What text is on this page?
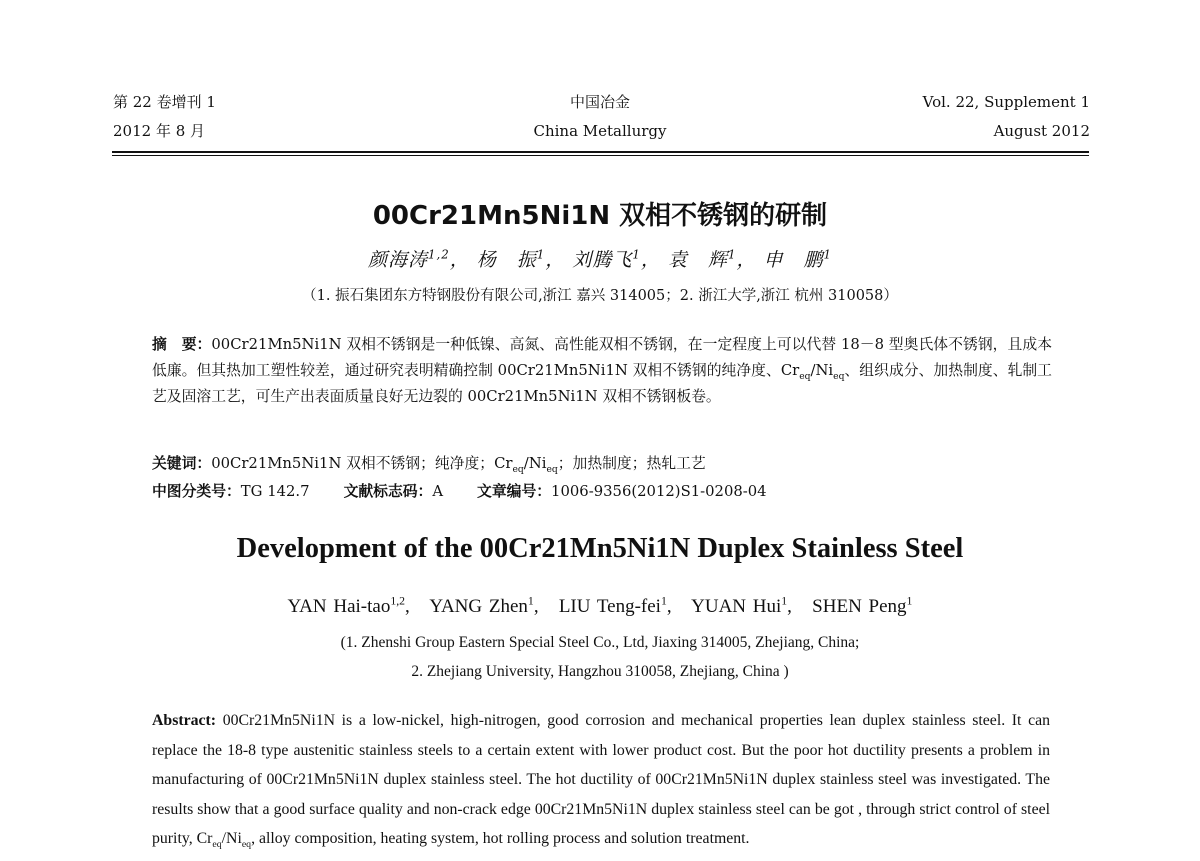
第 22 卷增刊 1
2012 年 8 月
中国冶金
China Metallurgy
Vol. 22, Supplement 1
August 2012
00Cr21Mn5Ni1N 双相不锈钢的研制
颜海涛$^{1,2}$， 杨　振$^1$， 刘腾飞$^1$， 袁　辉$^1$， 申　鹏$^1$
（1. 振石集团东方特钢股份有限公司,浙江 嘉兴 314005；2. 浙江大学,浙江 杭州 310058）
摘　要：00Cr21Mn5Ni1N 双相不锈钢是一种低镍、高氮、高性能双相不锈钢，在一定程度上可以代替 18－8 型奥氏体不锈钢，且成本低廉。但其热加工塑性较差，通过研究表明精确控制 00Cr21Mn5Ni1N 双相不锈钢的纯净度、$Cr_{eq}/Ni_{eq}$、组织成分、加热制度、轧制工艺及固溶工艺，可生产出表面质量良好无边裂的 00Cr21Mn5Ni1N 双相不锈钢板卷。
关键词：00Cr21Mn5Ni1N 双相不锈钢；纯净度；$Cr_{eq}/Ni_{eq}$；加热制度；热轧工艺
中图分类号：TG 142.7 文献标志码：A 文章编号：1006-9356(2012)S1-0208-04
Development of the 00Cr21Mn5Ni1N Duplex Stainless Steel
YAN Hai-tao$^{1,2}$, YANG Zhen$^1$, LIU Teng-fei$^1$, YUAN Hui$^1$, SHEN Peng$^1$
(1. Zhenshi Group Eastern Special Steel Co., Ltd, Jiaxing 314005, Zhejiang, China;
2. Zhejiang University, Hangzhou 310058, Zhejiang, China )
Abstract: 00Cr21Mn5Ni1N is a low-nickel, high-nitrogen, good corrosion and mechanical properties lean duplex stainless steel. It can replace the 18-8 type austenitic stainless steels to a certain extent with lower product cost. But the poor hot ductility presents a problem in manufacturing of 00Cr21Mn5Ni1N duplex stainless steel. The hot ductility of 00Cr21Mn5Ni1N duplex stainless steel was investigated. The results show that a good surface quality and non-crack edge 00Cr21Mn5Ni1N duplex stainless steel can be got , through strict control of steel purity, $Cr_{eq}/Ni_{eq}$, alloy composition, heating system, hot rolling process and solution treatment.
